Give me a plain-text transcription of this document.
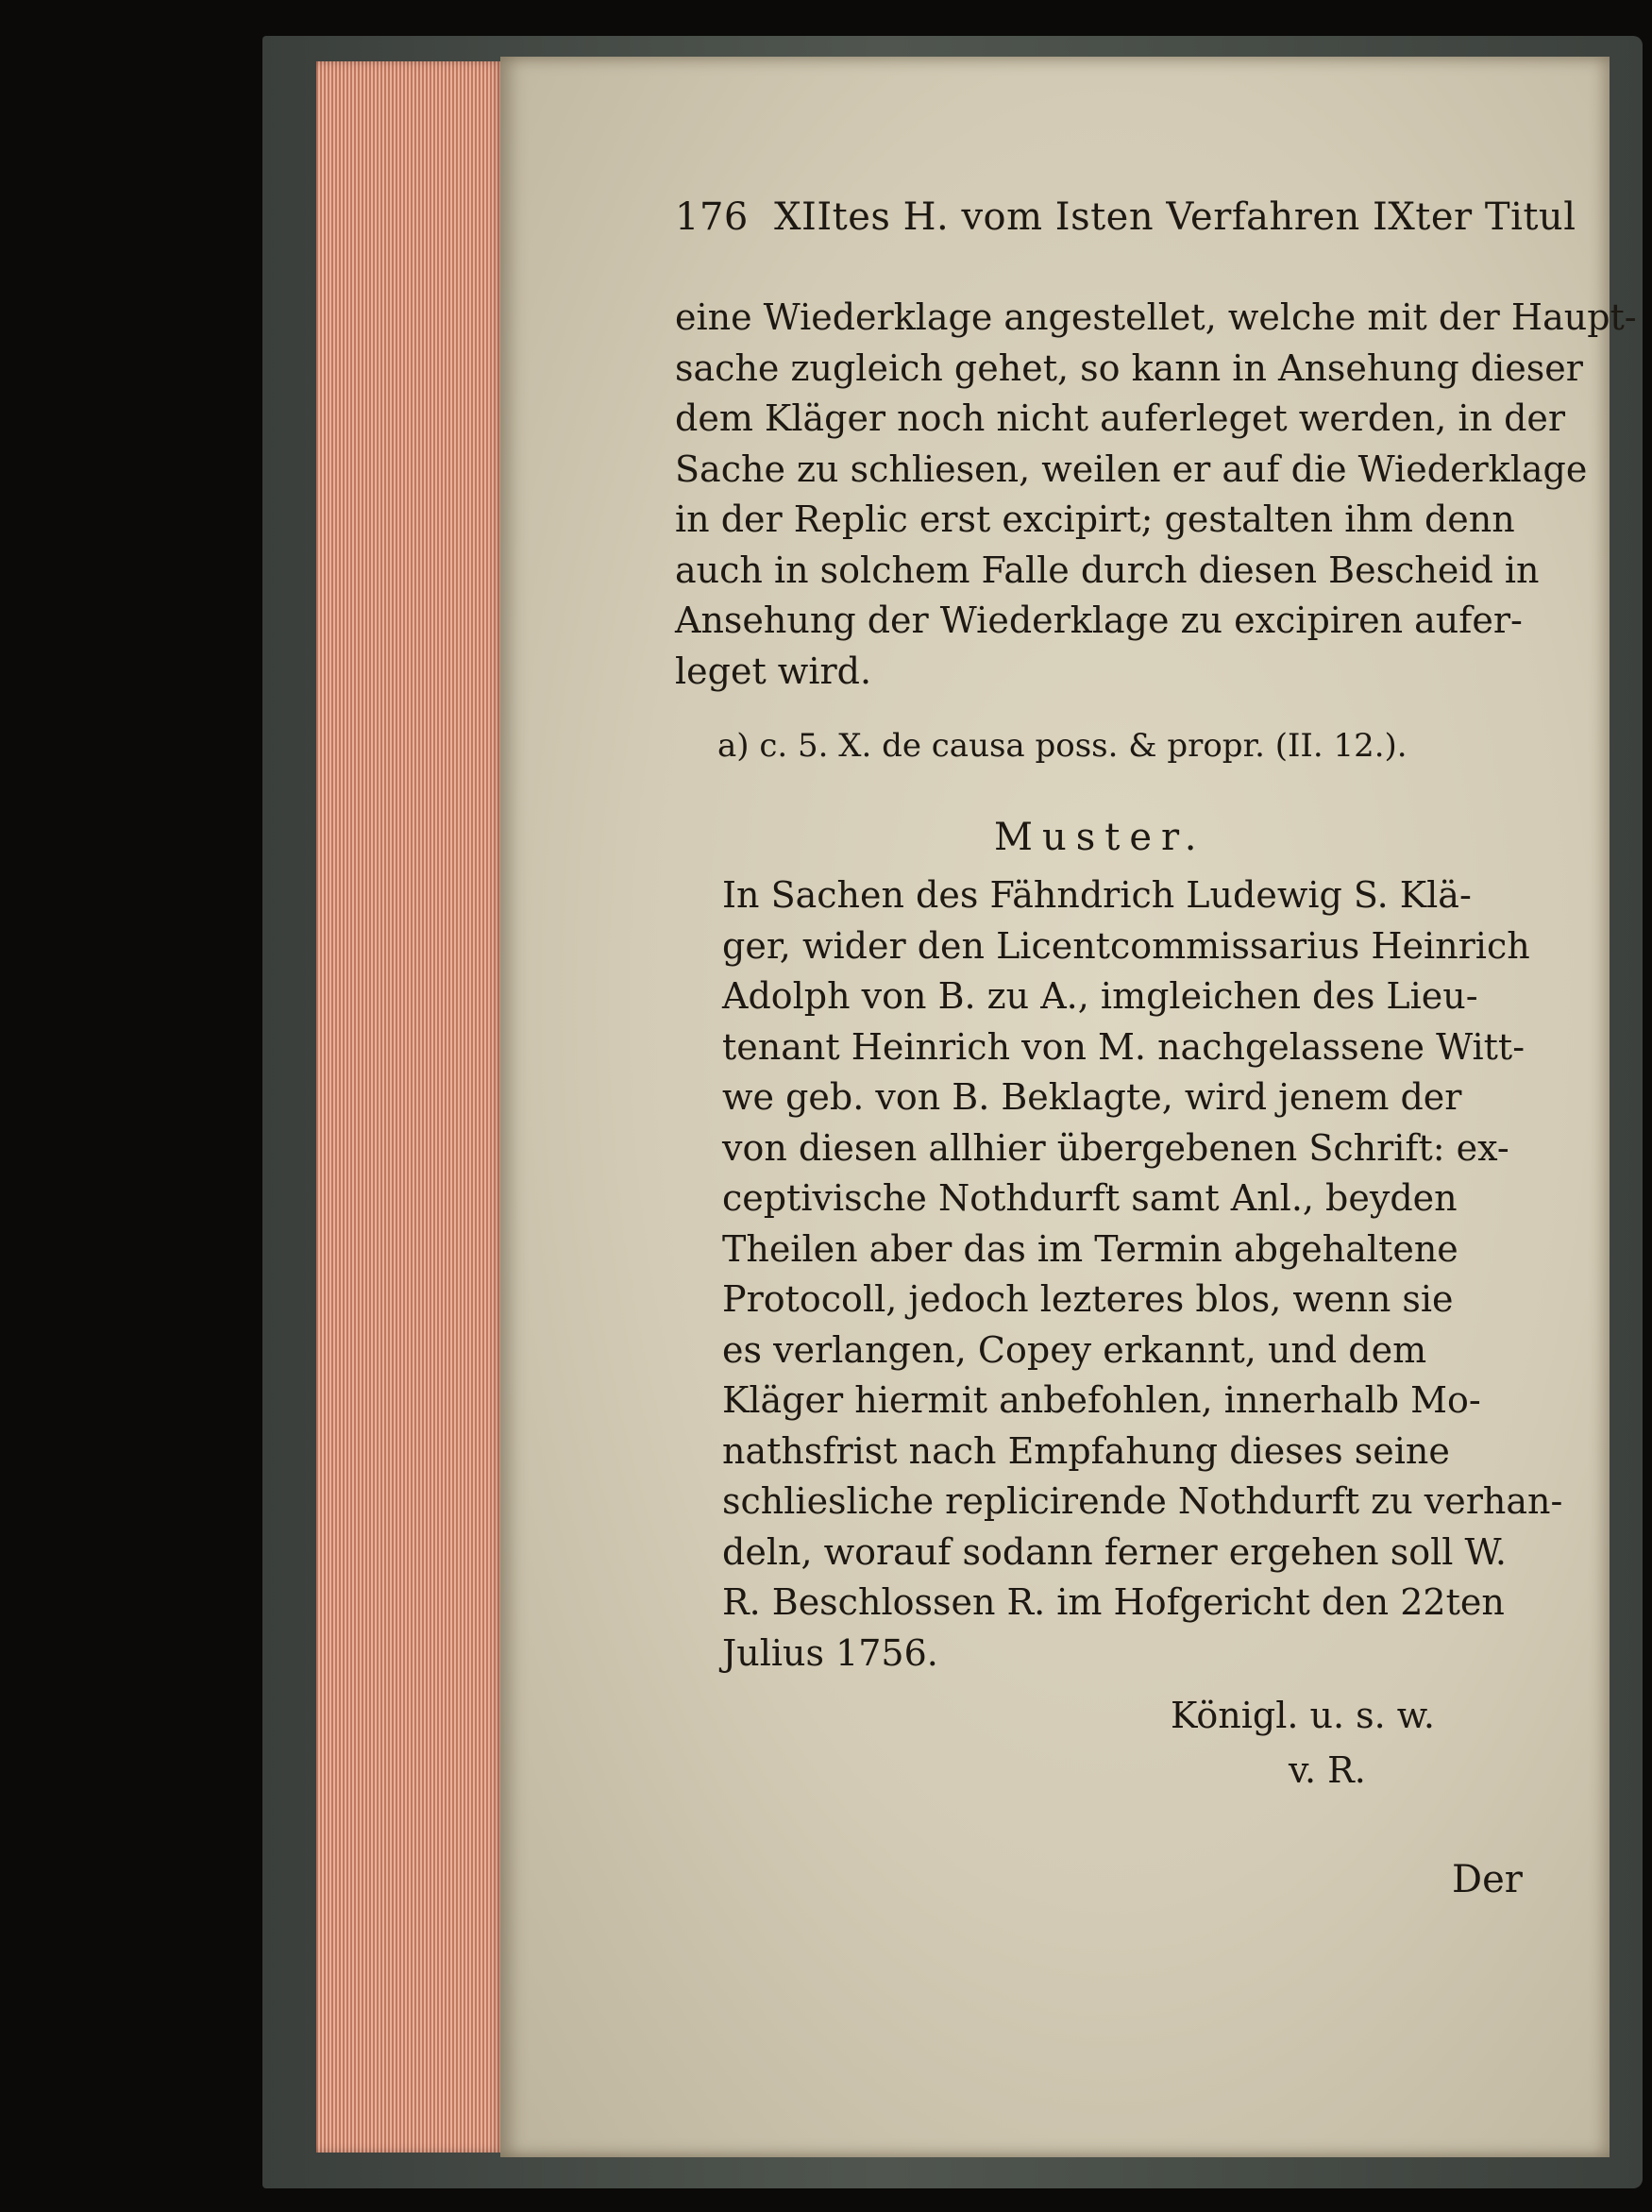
176 XIItes H. vom Isten Verfahren IXter Titul
eine Wiederklage angestellet, welche mit der Haupt-
sache zugleich gehet, so kann in Ansehung dieser
dem Kläger noch nicht auferleget werden, in der
Sache zu schliesen, weilen er auf die Wiederklage
in der Replic erst excipirt; gestalten ihm denn
auch in solchem Falle durch diesen Bescheid in
Ansehung der Wiederklage zu excipiren aufer-
leget wird.
a) c. 5. X. de causa poss. & propr. (II. 12.).
Muster.
In Sachen des Fähndrich Ludewig S. Klä-
ger, wider den Licentcommissarius Heinrich
Adolph von B. zu A., imgleichen des Lieu-
tenant Heinrich von M. nachgelassene Witt-
we geb. von B. Beklagte, wird jenem der
von diesen allhier übergebenen Schrift: ex-
ceptivische Nothdurft samt Anl., beyden
Theilen aber das im Termin abgehaltene
Protocoll, jedoch lezteres blos, wenn sie
es verlangen, Copey erkannt, und dem
Kläger hiermit anbefohlen, innerhalb Mo-
nathsfrist nach Empfahung dieses seine
schliesliche replicirende Nothdurft zu verhan-
deln, worauf sodann ferner ergehen soll W.
R. Beschlossen R. im Hofgericht den 22ten
Julius 1756.
Königl. u. s. w.
v. R.
Der
